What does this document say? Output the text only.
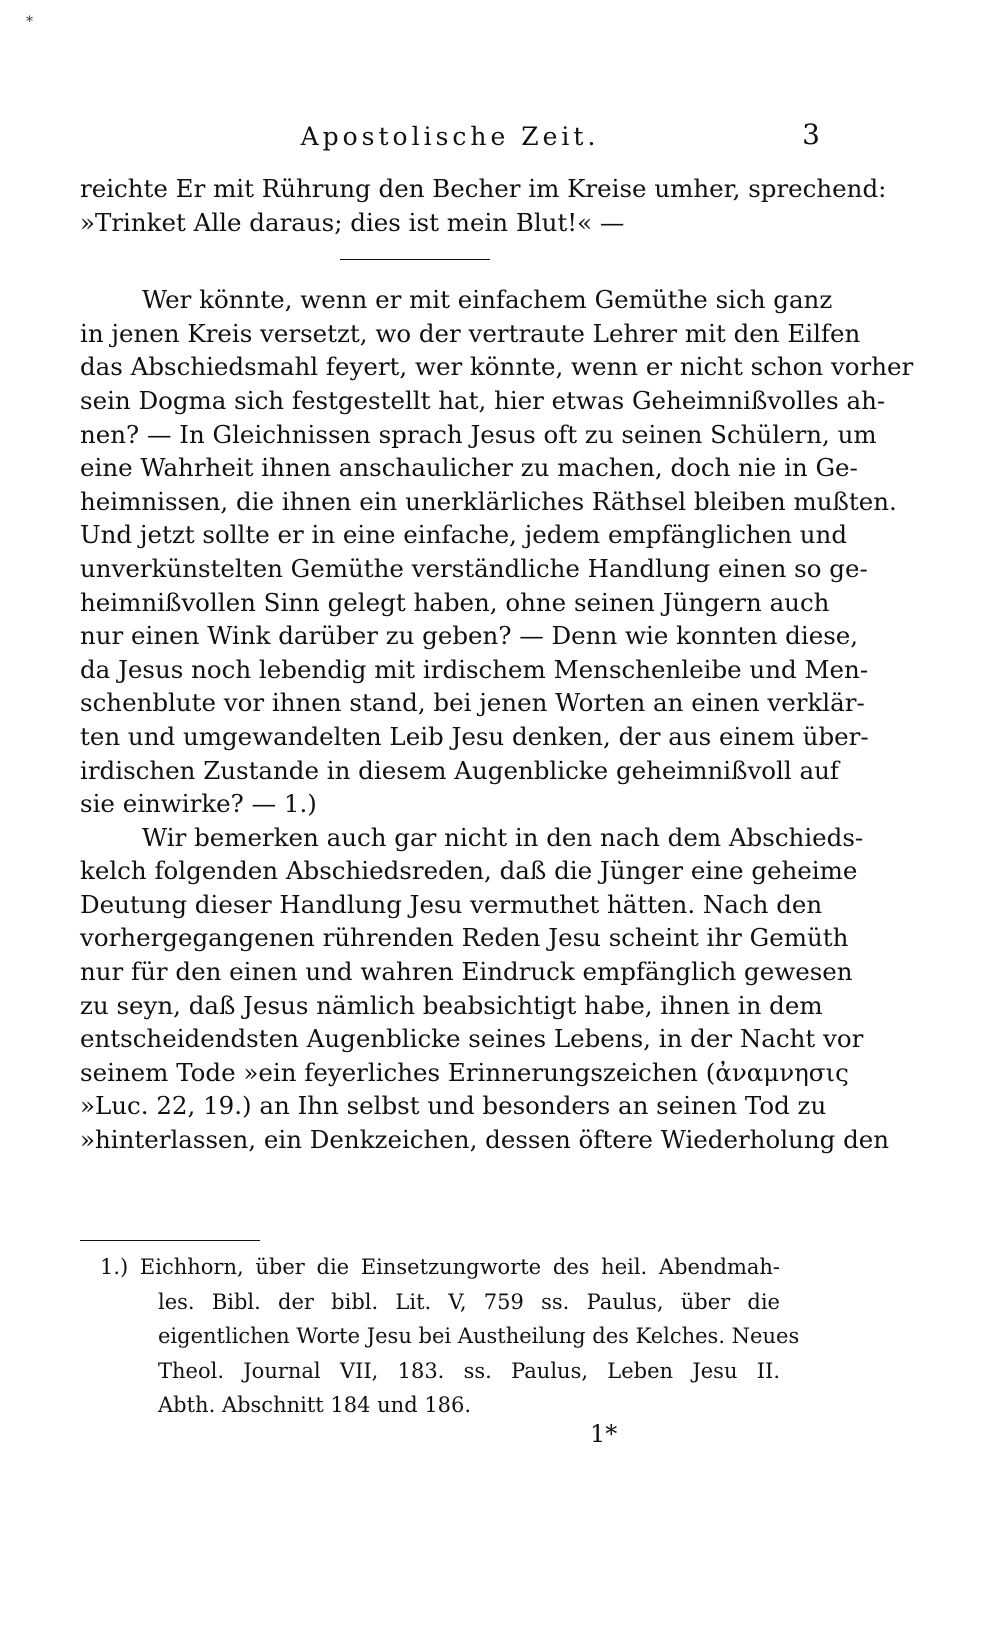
*
Apostolische Zeit.	3
reichte Er mit Rührung den Becher im Kreise umher, sprechend:
»Trinket Alle daraus; dies ist mein Blut!« —
Wer könnte, wenn er mit einfachem Gemüthe sich ganz
in jenen Kreis versetzt, wo der vertraute Lehrer mit den Eilfen
das Abschiedsmahl feyert, wer könnte, wenn er nicht schon vorher
sein Dogma sich festgestellt hat, hier etwas Geheimnißvolles ah-
nen? — In Gleichnissen sprach Jesus oft zu seinen Schülern, um
eine Wahrheit ihnen anschaulicher zu machen, doch nie in Ge-
heimnissen, die ihnen ein unerklärliches Räthsel bleiben mußten.
Und jetzt sollte er in eine einfache, jedem empfänglichen und
unverkünstelten Gemüthe verständliche Handlung einen so ge-
heimnißvollen Sinn gelegt haben, ohne seinen Jüngern auch
nur einen Wink darüber zu geben? — Denn wie konnten diese,
da Jesus noch lebendig mit irdischem Menschenleibe und Men-
schenblute vor ihnen stand, bei jenen Worten an einen verklär-
ten und umgewandelten Leib Jesu denken, der aus einem über-
irdischen Zustande in diesem Augenblicke geheimnißvoll auf
sie einwirke? — 1.)
Wir bemerken auch gar nicht in den nach dem Abschieds-
kelch folgenden Abschiedsreden, daß die Jünger eine geheime
Deutung dieser Handlung Jesu vermuthet hätten. Nach den
vorhergegangenen rührenden Reden Jesu scheint ihr Gemüth
nur für den einen und wahren Eindruck empfänglich gewesen
zu seyn, daß Jesus nämlich beabsichtigt habe, ihnen in dem
entscheidendsten Augenblicke seines Lebens, in der Nacht vor
seinem Tode »ein feyerliches Erinnerungszeichen (ἀναμνησις
»Luc. 22, 19.) an Ihn selbst und besonders an seinen Tod zu
»hinterlassen, ein Denkzeichen, dessen öftere Wiederholung den
1.) Eichhorn, über die Einsetzungworte des heil. Abendmah-
les. Bibl. der bibl. Lit. V, 759 ss. Paulus, über die
eigentlichen Worte Jesu bei Austheilung des Kelches. Neues
Theol. Journal VII, 183. ss. Paulus, Leben Jesu II.
Abth. Abschnitt 184 und 186.
1*
